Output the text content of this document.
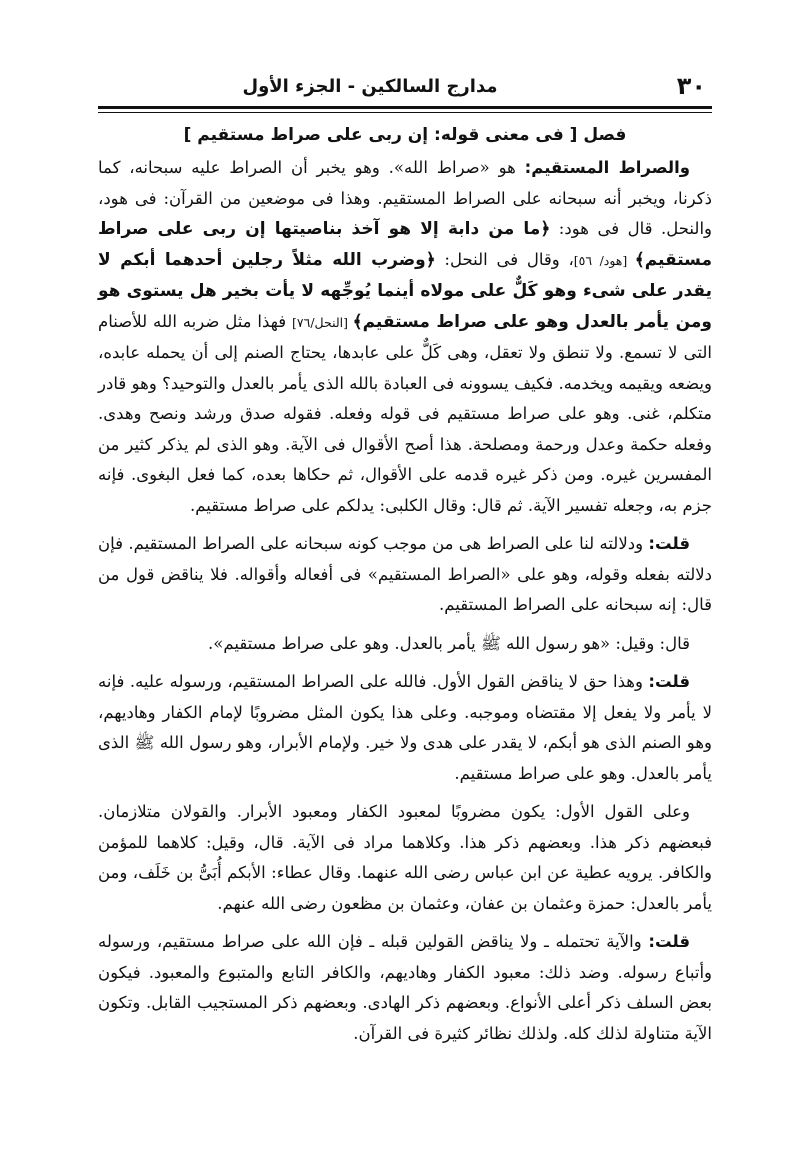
٣٠
مدارج السالكين - الجزء الأول
فصل [ فى معنى قوله: إن ربى على صراط مستقيم ]

والصراط المستقيم: هو «صراط الله». وهو يخبر أن الصراط عليه سبحانه، كما ذكرنا، ويخبر أنه سبحانه على الصراط المستقيم. وهذا فى موضعين من القرآن: فى هود، والنحل. قال فى هود: ﴿ما من دابة إلا هو آخذ بناصيتها إن ربى على صراط مستقيم﴾ [هود/ ٥٦]، وقال فى النحل: ﴿وضرب الله مثلاً رجلين أحدهما أبكم لا يقدر على شىء وهو كَلٌّ على مولاه أينما يُوجِّهه لا يأت بخير هل يستوى هو ومن يأمر بالعدل وهو على صراط مستقيم﴾ [النحل/٧٦] فهذا مثل ضربه الله للأصنام التى لا تسمع. ولا تنطق ولا تعقل، وهى كَلٌّ على عابدها، يحتاج الصنم إلى أن يحمله عابده، ويضعه ويقيمه ويخدمه. فكيف يسوونه فى العبادة بالله الذى يأمر بالعدل والتوحيد؟ وهو قادر متكلم، غنى. وهو على صراط مستقيم فى قوله وفعله. فقوله صدق ورشد ونصح وهدى. وفعله حكمة وعدل ورحمة ومصلحة. هذا أصح الأقوال فى الآية. وهو الذى لم يذكر كثير من المفسرين غيره. ومن ذكر غيره قدمه على الأقوال، ثم حكاها بعده، كما فعل البغوى. فإنه جزم به، وجعله تفسير الآية. ثم قال: وقال الكلبى: يدلكم على صراط مستقيم.

قلت: ودلالته لنا على الصراط هى من موجب كونه سبحانه على الصراط المستقيم. فإن دلالته بفعله وقوله، وهو على «الصراط المستقيم» فى أفعاله وأقواله. فلا يناقض قول من قال: إنه سبحانه على الصراط المستقيم.

قال: وقيل: «هو رسول الله ﷺ يأمر بالعدل. وهو على صراط مستقيم».

قلت: وهذا حق لا يناقض القول الأول. فالله على الصراط المستقيم، ورسوله عليه. فإنه لا يأمر ولا يفعل إلا مقتضاه وموجبه. وعلى هذا يكون المثل مضروبًا لإمام الكفار وهاديهم، وهو الصنم الذى هو أبكم، لا يقدر على هدى ولا خير. ولإمام الأبرار، وهو رسول الله ﷺ الذى يأمر بالعدل. وهو على صراط مستقيم.

وعلى القول الأول: يكون مضروبًا لمعبود الكفار ومعبود الأبرار. والقولان متلازمان. فبعضهم ذكر هذا. وبعضهم ذكر هذا. وكلاهما مراد فى الآية. قال، وقيل: كلاهما للمؤمن والكافر. يرويه عطية عن ابن عباس رضى الله عنهما. وقال عطاء: الأبكم أُبَىُّ بن خَلَف، ومن يأمر بالعدل: حمزة وعثمان بن عفان، وعثمان بن مظعون رضى الله عنهم.

قلت: والآية تحتمله ـ ولا يناقض القولين قبله ـ فإن الله على صراط مستقيم، ورسوله وأتباع رسوله. وضد ذلك: معبود الكفار وهاديهم، والكافر التابع والمتبوع والمعبود. فيكون بعض السلف ذكر أعلى الأنواع. وبعضهم ذكر الهادى. وبعضهم ذكر المستجيب القابل. وتكون الآية متناولة لذلك كله. ولذلك نظائر كثيرة فى القرآن.
